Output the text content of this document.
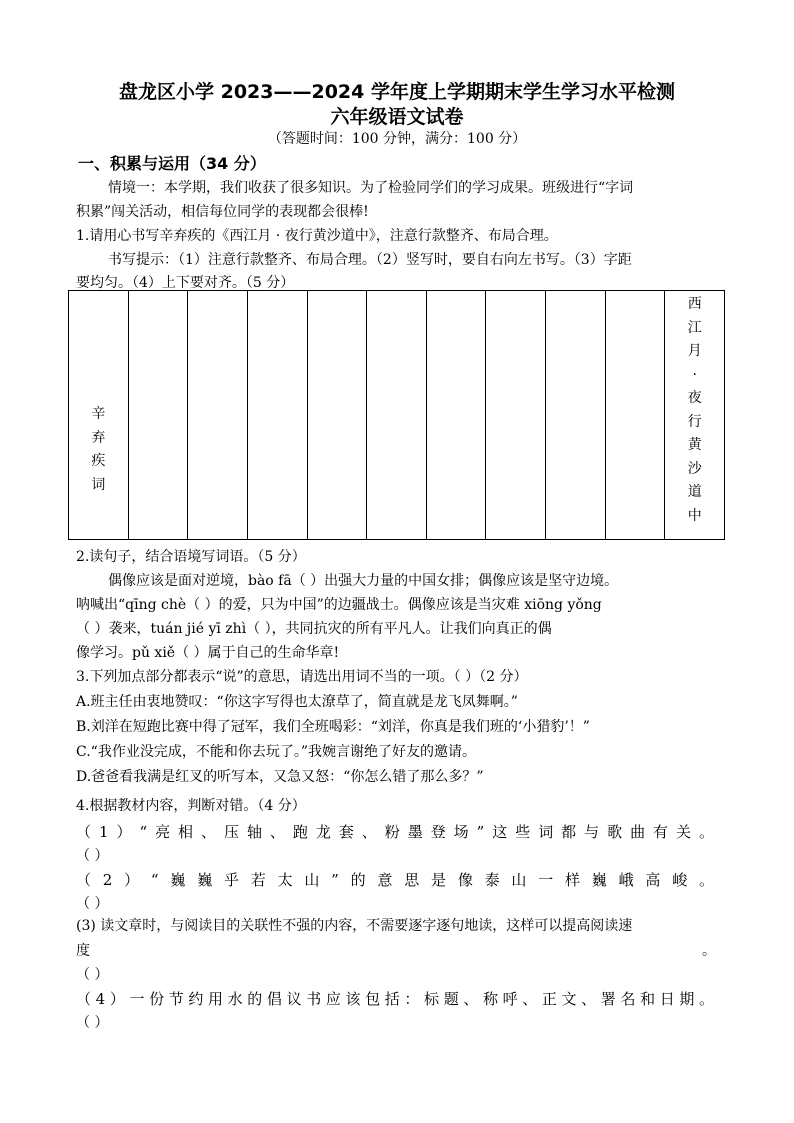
盘龙区小学 2023——2024 学年度上学期期末学生学习水平检测
六年级语文试卷
（答题时间：100 分钟，满分：100 分）
一、积累与运用（34 分）
情境一：本学期，我们收获了很多知识。为了检验同学们的学习成果。班级进行“字词
积累”闯关活动，相信每位同学的表现都会很棒!
1.请用心书写辛弃疾的《西江月 · 夜行黄沙道中》，注意行款整齐、布局合理。
书写提示：（1）注意行款整齐、布局合理。（2）竖写时，要自右向左书写。（3）字距
要均匀。（4）上下要对齐。（5 分）
辛
弃
疾
词
西
江
月
·
夜
行
黄
沙
道
中
2.读句子，结合语境写词语。（5 分）
偶像应该是面对逆境，bào fā（ ）出强大力量的中国女排；偶像应该是坚守边境。
呐喊出“qīng chè（ ）的爱，只为中国”的边疆战士。偶像应该是当灾难 xiōng yǒng
（ ）袭来，tuán jié yī zhì（ ），共同抗灾的所有平凡人。让我们向真正的偶
像学习。pǔ xiě（ ）属于自己的生命华章!
3.下列加点部分都表示“说”的意思，请选出用词不当的一项。（ ）（2 分）
A.班主任由衷地赞叹：“你这字写得也太潦草了，简直就是龙飞凤舞啊。”
B.刘洋在短跑比赛中得了冠军，我们全班喝彩：“刘洋，你真是我们班的‘小猎豹’！”
C.“我作业没完成，不能和你去玩了。”我婉言谢绝了好友的邀请。
D.爸爸看我满是红叉的听写本，又急又怒：“你怎么错了那么多？”
4.根据教材内容，判断对错。（4 分）
（1）“亮相、压轴、跑龙套、粉墨登场”这些词都与歌曲有关。
（ ）
（2）“巍巍乎若太山”的意思是像泰山一样巍峨高峻。
（ ）
(3) 读文章时，与阅读目的关联性不强的内容，不需要逐字逐句地读，这样可以提高阅读速
度	。
（ ）
（4）一份节约用水的倡议书应该包括：标题、称呼、正文、署名和日期。
（ ）
